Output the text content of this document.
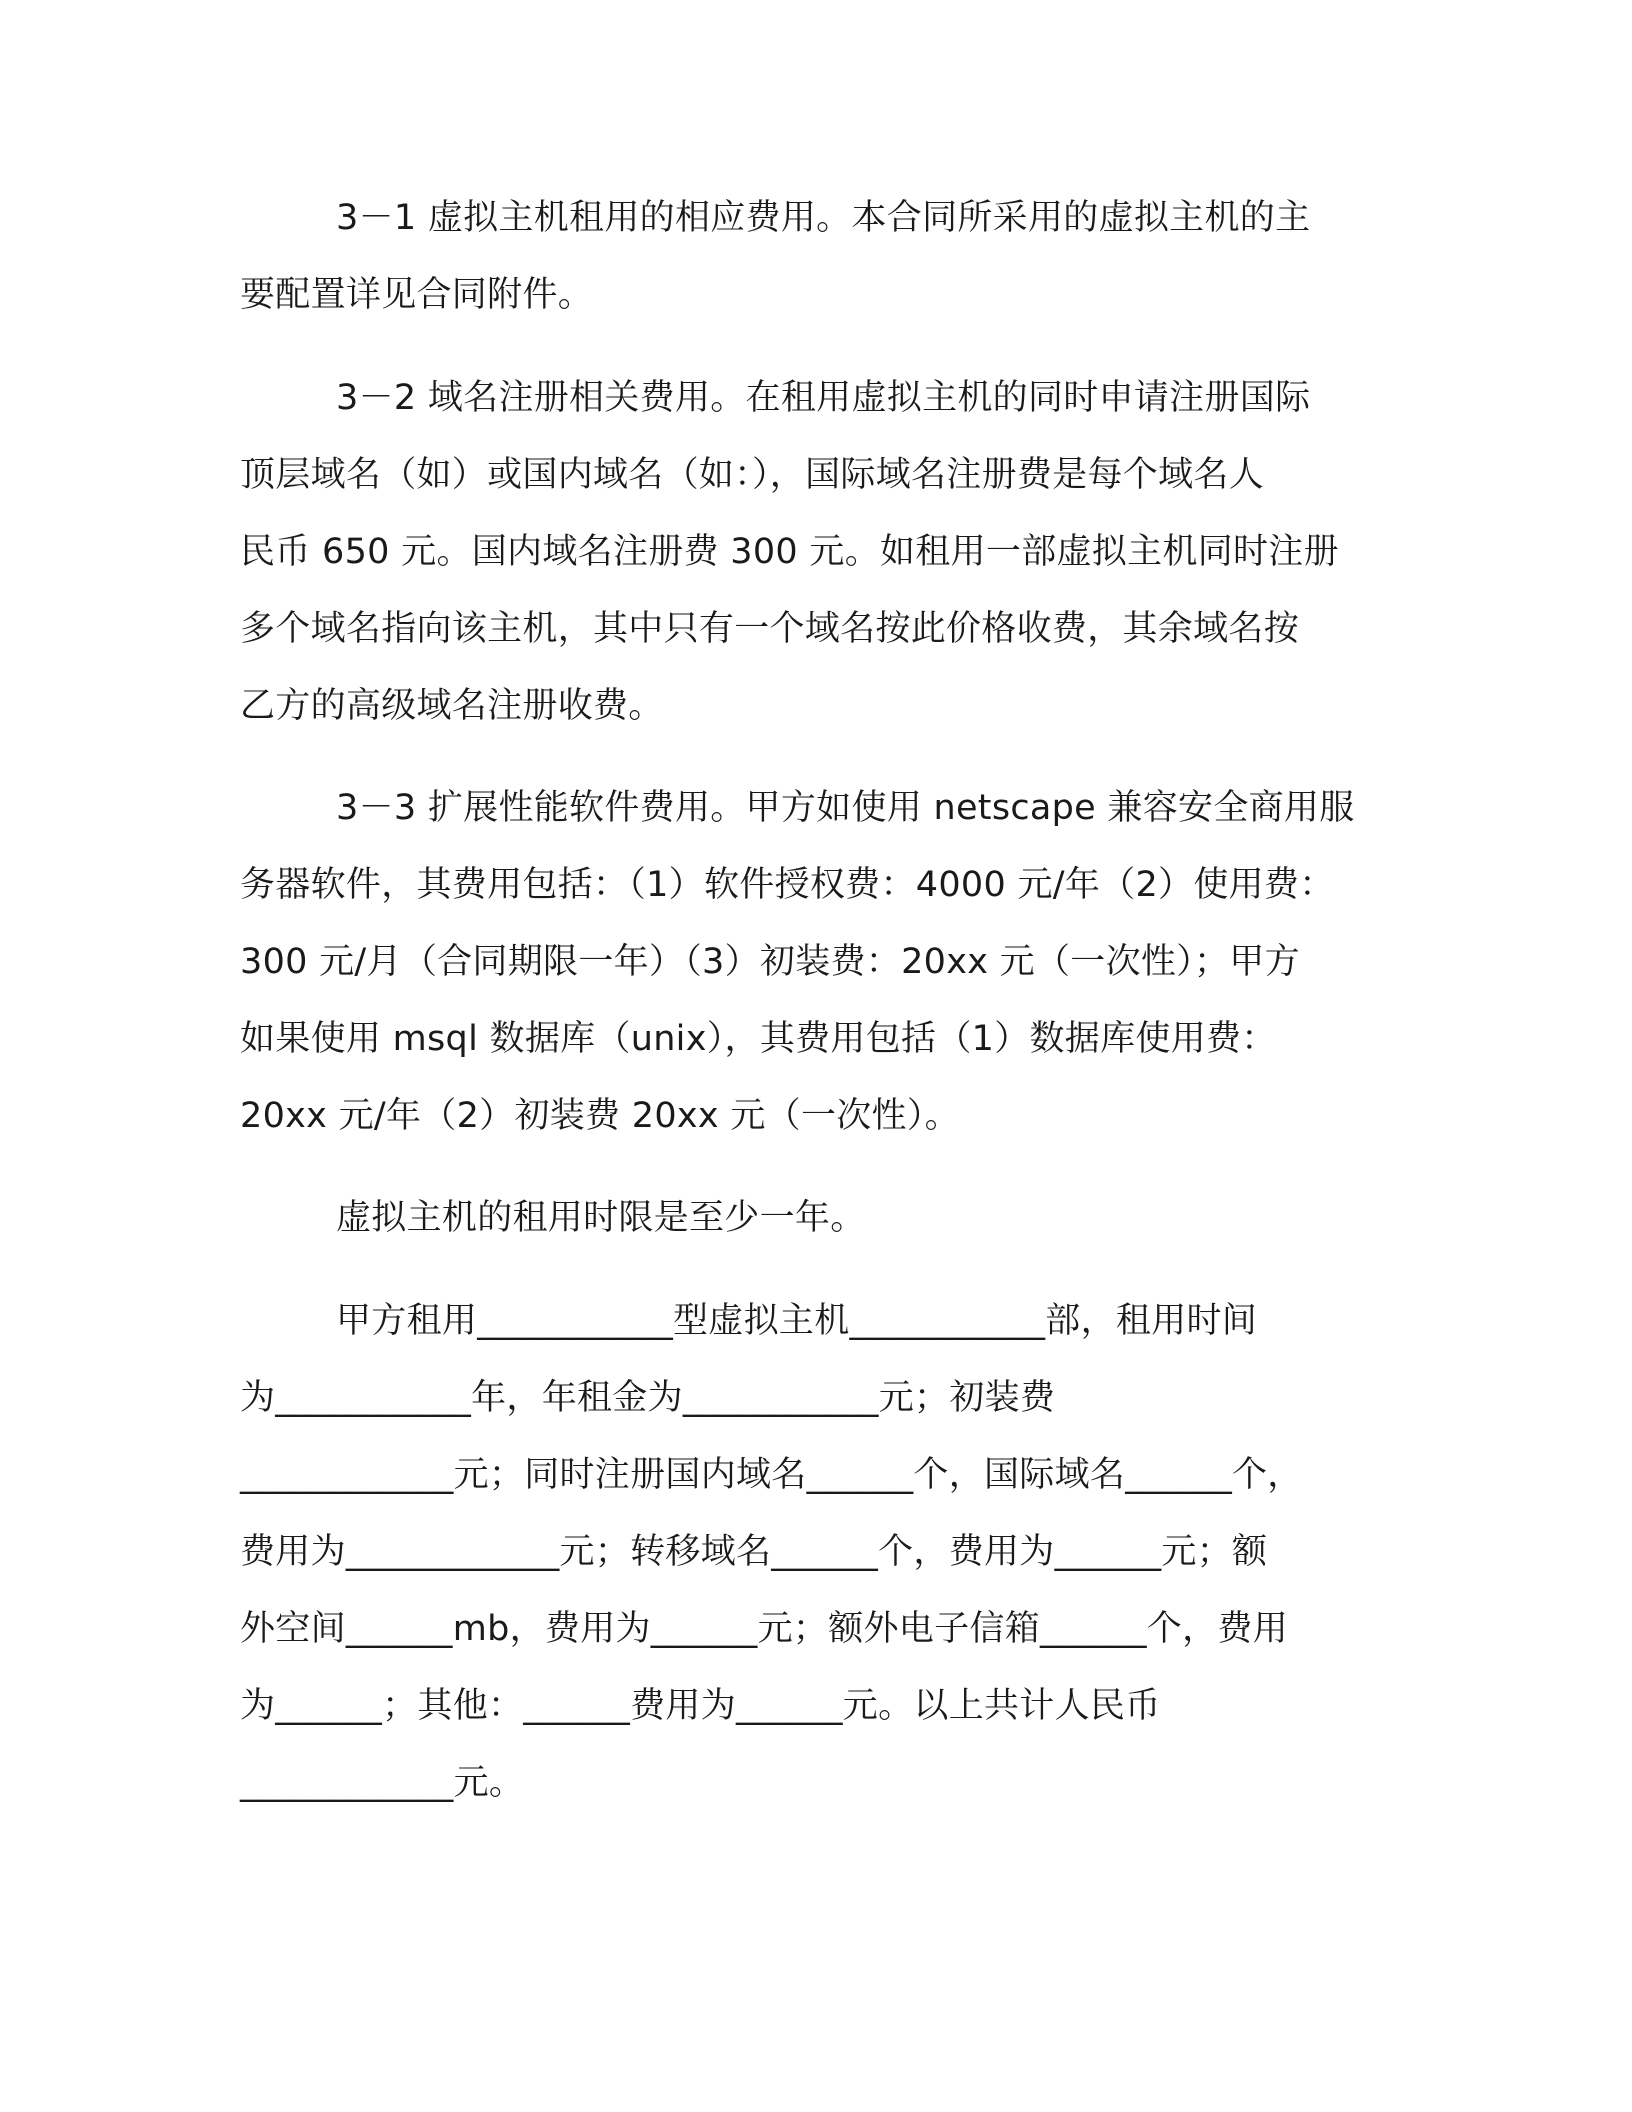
3－1 虚拟主机租用的相应费用。本合同所采用的虚拟主机的主
要配置详见合同附件。
3－2 域名注册相关费用。在租用虚拟主机的同时申请注册国际
顶层域名（如）或国内域名（如：），国际域名注册费是每个域名人
民币 650 元。国内域名注册费 300 元。如租用一部虚拟主机同时注册
多个域名指向该主机，其中只有一个域名按此价格收费，其余域名按
乙方的高级域名注册收费。
3－3 扩展性能软件费用。甲方如使用 netscape 兼容安全商用服
务器软件，其费用包括：（1）软件授权费：4000 元/年（2）使用费：
300 元/月（合同期限一年）（3）初装费：20xx 元（一次性）；甲方
如果使用 msql 数据库（unix），其费用包括（1）数据库使用费：
20xx 元/年（2）初装费 20xx 元（一次性）。
虚拟主机的租用时限是至少一年。
甲方租用___________型虚拟主机___________部，租用时间
为___________年，年租金为___________元；初装费
____________元；同时注册国内域名______个，国际域名______个，
费用为____________元；转移域名______个，费用为______元；额
外空间______mb，费用为______元；额外电子信箱______个，费用
为______；其他：______费用为______元。以上共计人民币
____________元。
